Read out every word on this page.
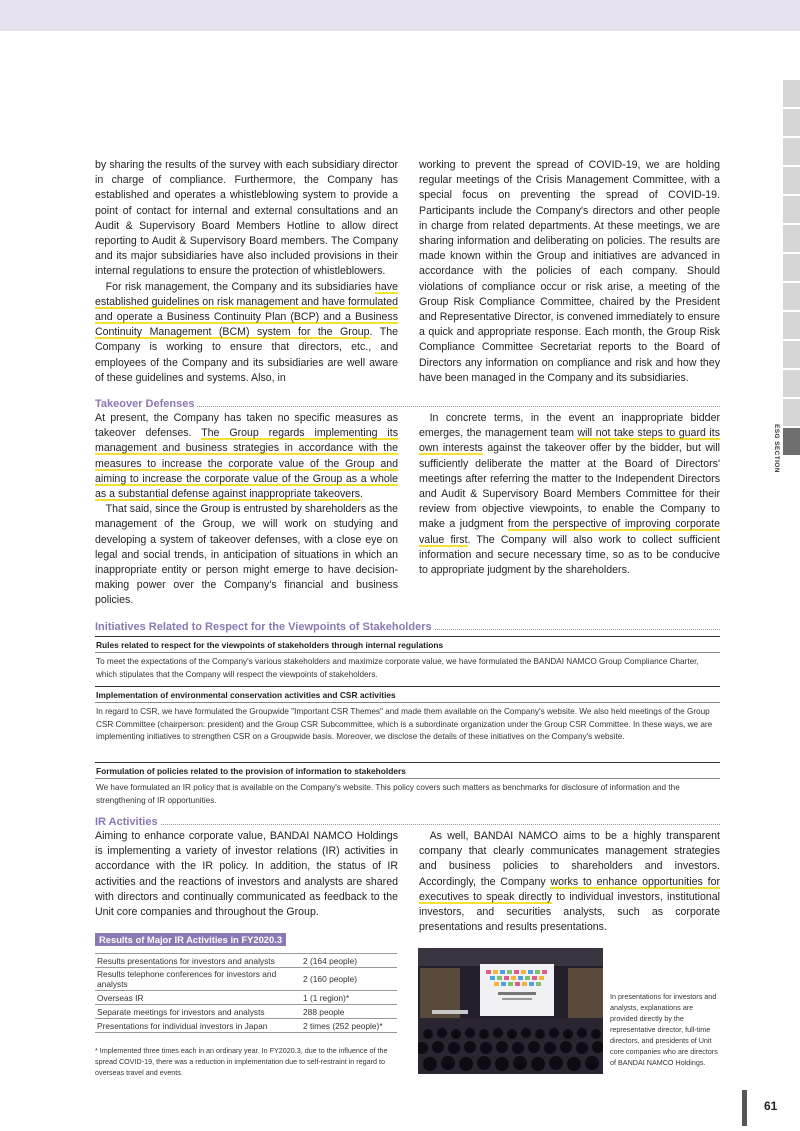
ESG SECTION

by sharing the results of the survey with each subsidiary director in charge of compliance. Furthermore, the Company has established and operates a whistleblowing system to provide a point of contact for internal and external consultations and an Audit & Supervisory Board Members Hotline to allow direct reporting to Audit & Supervisory Board members. The Company and its major subsidiaries have also included provisions in their internal regulations to ensure the protection of whistleblowers.

For risk management, the Company and its subsidiaries have established guidelines on risk management and have formulated and operate a Business Continuity Plan (BCP) and a Business Continuity Management (BCM) system for the Group. The Company is working to ensure that directors, etc., and employees of the Company and its subsidiaries are well aware of these guidelines and systems. Also, in

working to prevent the spread of COVID-19, we are holding regular meetings of the Crisis Management Committee, with a special focus on preventing the spread of COVID-19. Participants include the Company's directors and other people in charge from related departments. At these meetings, we are sharing information and deliberating on policies. The results are made known within the Group and initiatives are advanced in accordance with the policies of each company. Should violations of compliance occur or risk arise, a meeting of the Group Risk Compliance Committee, chaired by the President and Representative Director, is convened immediately to ensure a quick and appropriate response. Each month, the Group Risk Compliance Committee Secretariat reports to the Board of Directors any information on compliance and risk and how they have been managed in the Company and its subsidiaries.

Takeover Defenses

At present, the Company has taken no specific measures as takeover defenses. The Group regards implementing its management and business strategies in accordance with the measures to increase the corporate value of the Group and aiming to increase the corporate value of the Group as a whole as a substantial defense against inappropriate takeovers.

That said, since the Group is entrusted by shareholders as the management of the Group, we will work on studying and developing a system of takeover defenses, with a close eye on legal and social trends, in anticipation of situations in which an inappropriate entity or person might emerge to have decision-making power over the Company's financial and business policies.

In concrete terms, in the event an inappropriate bidder emerges, the management team will not take steps to guard its own interests against the takeover offer by the bidder, but will sufficiently deliberate the matter at the Board of Directors' meetings after referring the matter to the Independent Directors and Audit & Supervisory Board Members Committee for their review from objective viewpoints, to enable the Company to make a judgment from the perspective of improving corporate value first. The Company will also work to collect sufficient information and secure necessary time, so as to be conducive to appropriate judgment by the shareholders.

Initiatives Related to Respect for the Viewpoints of Stakeholders
Rules related to respect for the viewpoints of stakeholders through internal regulations
To meet the expectations of the Company's various stakeholders and maximize corporate value, we have formulated the BANDAI NAMCO Group Compliance Charter, which stipulates that the Company will respect the viewpoints of stakeholders.
Implementation of environmental conservation activities and CSR activities
In regard to CSR, we have formulated the Groupwide "Important CSR Themes" and made them available on the Company's website. We also held meetings of the Group CSR Committee (chairperson: president) and the Group CSR Subcommittee, which is a subordinate organization under the Group CSR Committee. In these ways, we are implementing initiatives to strengthen CSR on a Groupwide basis. Moreover, we disclose the details of these initiatives on the Company's website.
Formulation of policies related to the provision of information to stakeholders
We have formulated an IR policy that is available on the Company's website. This policy covers such matters as benchmarks for disclosure of information and the strengthening of IR opportunities.
IR Activities

Aiming to enhance corporate value, BANDAI NAMCO Holdings is implementing a variety of investor relations (IR) activities in accordance with the IR policy. In addition, the status of IR activities and the reactions of investors and analysts are shared with directors and continually communicated as feedback to the Unit core companies and throughout the Group.

As well, BANDAI NAMCO aims to be a highly transparent company that clearly communicates management strategies and business policies to shareholders and investors. Accordingly, the Company works to enhance opportunities for executives to speak directly to individual investors, institutional investors, and securities analysts, such as corporate presentations and results presentations.

Results of Major IR Activities in FY2020.3
Results presentations for investors and analysts	2 (164 people)
Results telephone conferences for investors and analysts	2 (160 people)
Overseas IR	1 (1 region)*
Separate meetings for investors and analysts	288 people
Presentations for individual investors in Japan	2 times (252 people)*
* Implemented three times each in an ordinary year. In FY2020.3, due to the influence of the spread COVID-19, there was a reduction in implementation due to self-restraint in regard to overseas travel and events.
In presentations for investors and analysts, explanations are provided directly by the representative director, full-time directors, and presidents of Unit core companies who are directors of BANDAI NAMCO Holdings.
61
